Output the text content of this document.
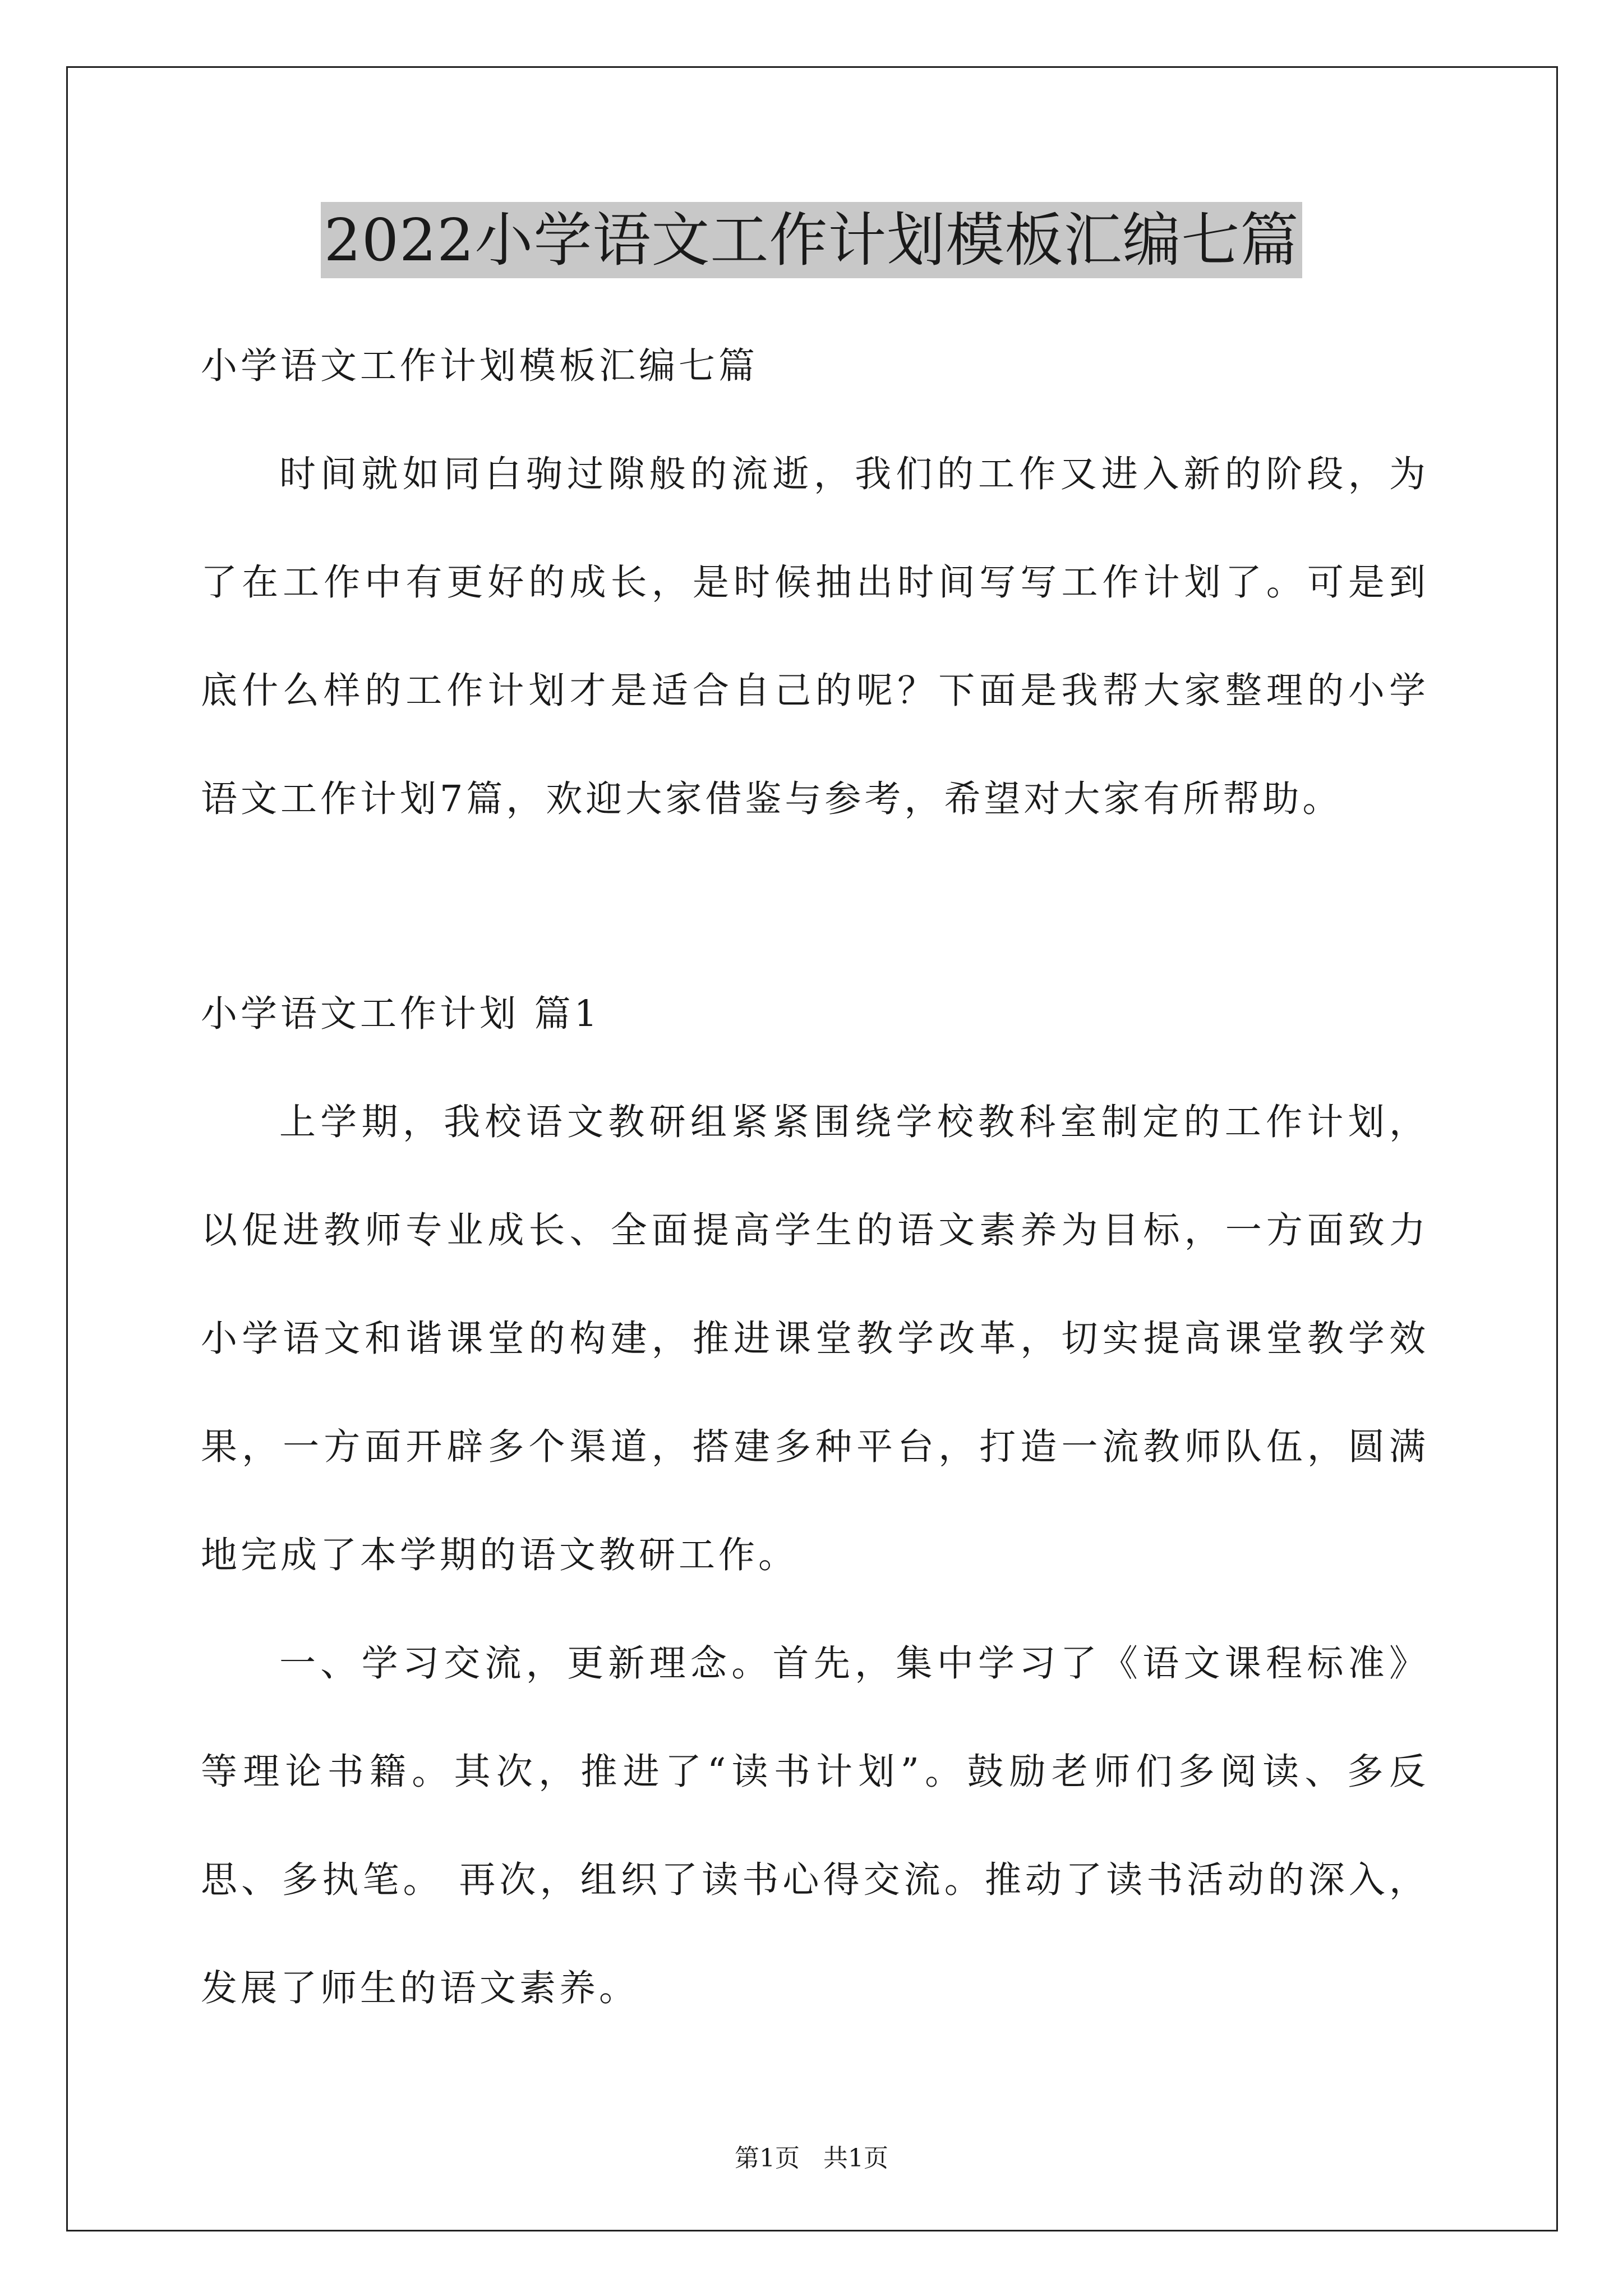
2022小学语文工作计划模板汇编七篇

小学语文工作计划模板汇编七篇

时间就如同白驹过隙般的流逝，我们的工作又进入新的阶段，为了在工作中有更好的成长，是时候抽出时间写写工作计划了。可是到底什么样的工作计划才是适合自己的呢？下面是我帮大家整理的小学语文工作计划7篇，欢迎大家借鉴与参考，希望对大家有所帮助。

小学语文工作计划 篇1

上学期，我校语文教研组紧紧围绕学校教科室制定的工作计划，以促进教师专业成长、全面提高学生的语文素养为目标，一方面致力小学语文和谐课堂的构建，推进课堂教学改革，切实提高课堂教学效果，一方面开辟多个渠道，搭建多种平台，打造一流教师队伍，圆满地完成了本学期的语文教研工作。

一、学习交流，更新理念。首先，集中学习了《语文课程标准》等理论书籍。其次，推进了“读书计划”。鼓励老师们多阅读、多反思、多执笔。 再次，组织了读书心得交流。推动了读书活动的深入，发展了师生的语文素养。

第1页   共1页
